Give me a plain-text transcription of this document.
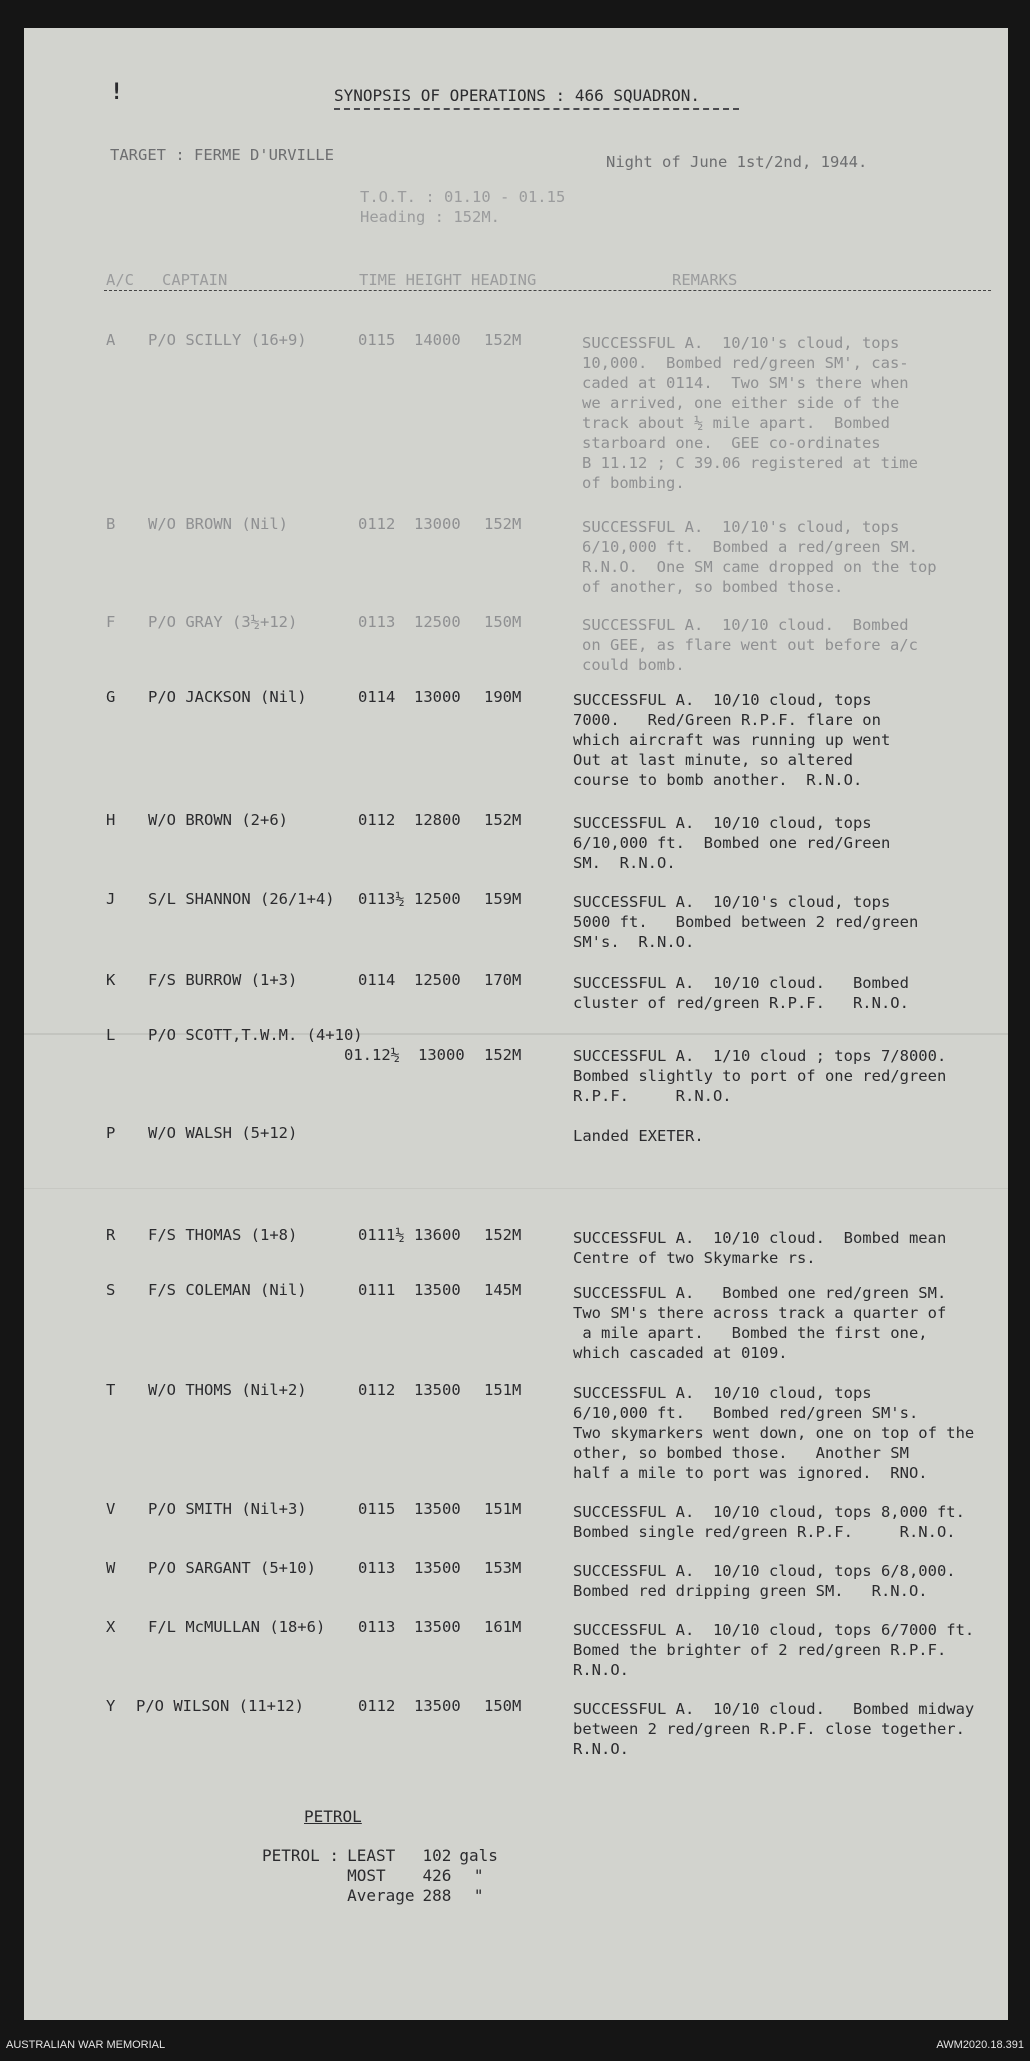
!	SYNOPSIS OF OPERATIONS : 466 SQUADRON.
TARGET : FERME D'URVILLE	Night of June 1st/2nd, 1944.
T.O.T. : 01.10 - 01.15
Heading : 152M.
A/C CAPTAIN	TIME HEIGHT HEADING	REMARKS
A P/O SCILLY (16+9)	0115 14000 152M	SUCCESSFUL A.  10/10's cloud, tops
10,000.  Bombed red/green SM', cas-
caded at 0114.  Two SM's there when
we arrived, one either side of the
track about ½ mile apart.  Bombed
starboard one.  GEE co-ordinates
B 11.12 ; C 39.06 registered at time
of bombing.
B W/O BROWN (Nil)	0112 13000 152M	SUCCESSFUL A.  10/10's cloud, tops
6/10,000 ft.  Bombed a red/green SM.
R.N.O.  One SM came dropped on the top
of another, so bombed those.
F P/O GRAY (3½+12)	0113 12500 150M	SUCCESSFUL A.  10/10 cloud.  Bombed
on GEE, as flare went out before a/c
could bomb.
G P/O JACKSON (Nil)	0114 13000 190M	SUCCESSFUL A.  10/10 cloud, tops
7000.   Red/Green R.P.F. flare on
which aircraft was running up went
Out at last minute, so altered
course to bomb another.  R.N.O.
H W/O BROWN (2+6)	0112 12800 152M	SUCCESSFUL A.  10/10 cloud, tops
6/10,000 ft.  Bombed one red/Green
SM.  R.N.O.
J S/L SHANNON (26/1+4) 0113½ 12500 159M	SUCCESSFUL A.  10/10's cloud, tops
5000 ft.   Bombed between 2 red/green
SM's.  R.N.O.
K F/S BURROW (1+3)	0114 12500 170M	SUCCESSFUL A.  10/10 cloud.   Bombed
cluster of red/green R.P.F.   R.N.O.
L P/O SCOTT,T.W.M. (4+10)
01.12½ 13000 152M	SUCCESSFUL A.  1/10 cloud ; tops 7/8000.
Bombed slightly to port of one red/green
R.P.F.     R.N.O.
P W/O WALSH (5+12)	Landed EXETER.
R F/S THOMAS (1+8)	0111½ 13600 152M	SUCCESSFUL A.  10/10 cloud.  Bombed mean
Centre of two Skymarke rs.
S F/S COLEMAN (Nil)	0111 13500 145M	SUCCESSFUL A.   Bombed one red/green SM.
Two SM's there across track a quarter of
a mile apart.   Bombed the first one,
which cascaded at 0109.
T W/O THOMS (Nil+2)	0112 13500 151M	SUCCESSFUL A.  10/10 cloud, tops
6/10,000 ft.   Bombed red/green SM's.
Two skymarkers went down, one on top of the
other, so bombed those.   Another SM
half a mile to port was ignored.  RNO.
V P/O SMITH (Nil+3)	0115 13500 151M	SUCCESSFUL A.  10/10 cloud, tops 8,000 ft.
Bombed single red/green R.P.F.     R.N.O.
W P/O SARGANT (5+10)	0113 13500 153M	SUCCESSFUL A.  10/10 cloud, tops 6/8,000.
Bombed red dripping green SM.   R.N.O.
X F/L McMULLAN (18+6) 0113 13500 161M	SUCCESSFUL A.  10/10 cloud, tops 6/7000 ft.
Bomed the brighter of 2 red/green R.P.F.
R.N.O.
Y P/O WILSON (11+12)	0112 13500 150M	SUCCESSFUL A.  10/10 cloud.   Bombed midway
between 2 red/green R.P.F. close together.
R.N.O.
PETROL
PETROL :	LEAST	102	gals
	MOST	426	"
	Average	288	"
AUSTRALIAN WAR MEMORIAL	AWM2020.18.391
